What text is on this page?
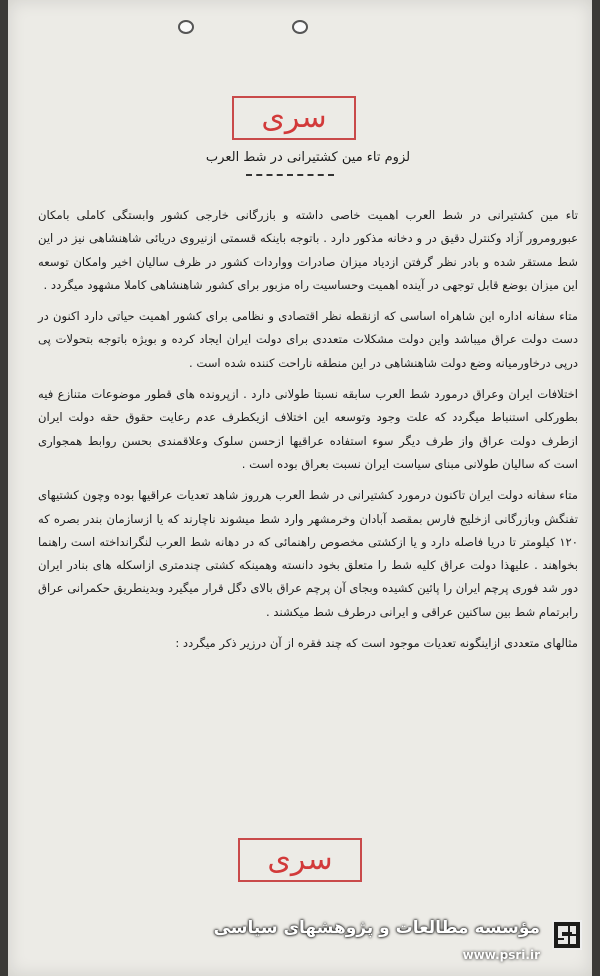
سری
لزوم تاء مین کشتیرانی در شط العرب

تاء مین کشتیرانی در شط العرب اهمیت خاصی داشته و بازرگانی خارجی کشور وابستگی کاملی بامکان عبورومرور آزاد وکنترل دقیق در و دخانه مذکور دارد . باتوجه باینکه قسمتی ازنیروی دریائی شاهنشاهی نیز در این شط مستقر شده و بادر نظر گرفتن ازدیاد میزان صادرات وواردات کشور در ظرف سالیان اخیر وامکان توسعه این میزان بوضع قابل توجهی در آینده اهمیت وحساسیت راه مزبور برای کشور شاهنشاهی کاملا مشهود میگردد .

متاء سفانه اداره این شاهراه اساسی که ازنقطه نظر اقتصادی و نظامی برای کشور اهمیت حیاتی دارد اکنون در دست دولت عراق میباشد واین دولت مشکلات متعددی برای دولت ایران ایجاد کرده و بویژه باتوجه بتحولات پی درپی درخاورمیانه وضع دولت شاهنشاهی در این منطقه ناراحت کننده شده است .

اختلافات ایران وعراق درمورد شط العرب سابقه نسبتا طولانی دارد . ازپرونده های قطور موضوعات متنازع فیه بطورکلی استنباط میگردد که علت وجود وتوسعه این اختلاف ازیکطرف عدم رعایت حقوق حقه دولت ایران ازطرف دولت عراق واز طرف دیگر سوء استفاده عراقیها ازحسن سلوک وعلاقمندی بحسن روابط همجواری است که سالیان طولانی مبنای سیاست ایران نسبت بعراق بوده است .

متاء سفانه دولت ایران تاکنون درمورد کشتیرانی در شط العرب هرروز شاهد تعدیات عراقیها بوده وچون کشتیهای تفنگش وبازرگانی ازخلیج فارس بمقصد آبادان وخرمشهر وارد شط میشوند ناچارند که یا ازسازمان بندر بصره که ۱۲۰ کیلومتر تا دریا فاصله دارد و یا ازکشتی مخصوص راهنمائی که در دهانه شط العرب لنگرانداخته است راهنما بخواهند . علیهذا دولت عراق کلیه شط را متعلق بخود دانسته وهمینکه کشتی چندمتری ازاسکله های بنادر ایران دور شد فوری پرچم ایران را پائین کشیده وبجای آن پرچم عراق بالای دگل قرار میگیرد وبدینطریق حکمرانی عراق رابرتمام شط بین ساکنین عراقی و ایرانی درطرف شط میکشند .

مثالهای متعددی ازاینگونه تعدیات موجود است که چند فقره از آن درزیر ذکر میگردد :

سری
مؤسسه مطالعات و پژوهشهای سیاسی
www.psri.ir
